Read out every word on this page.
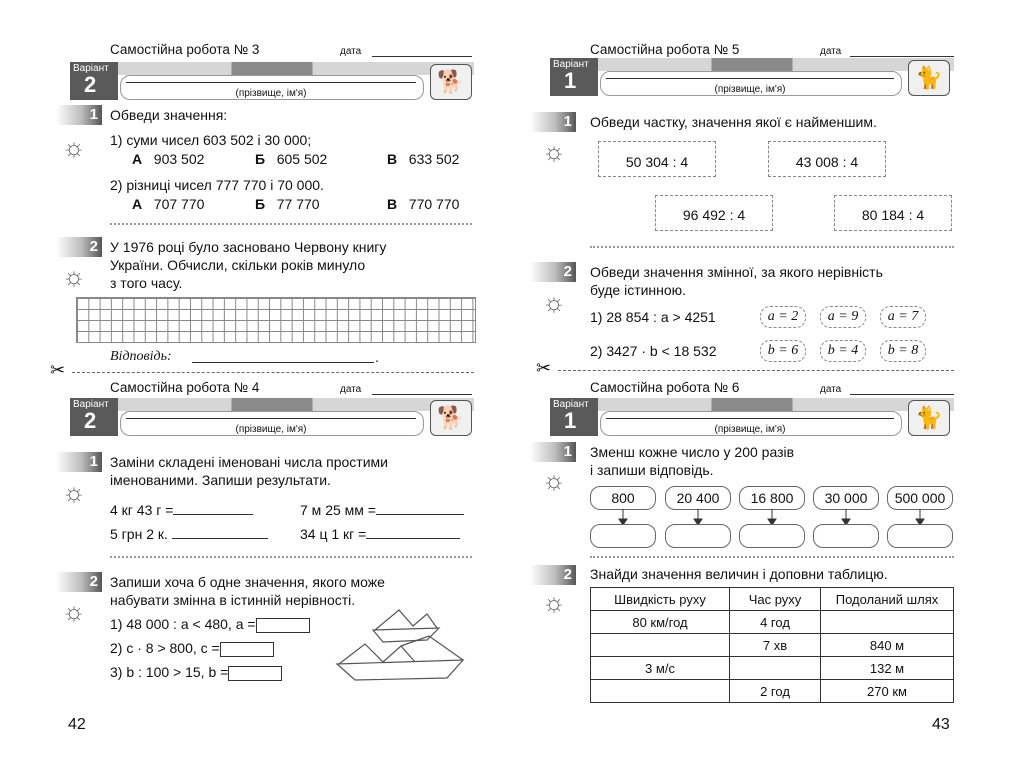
Самостійна робота № 3	дата
Варіант
2	(прізвище, ім'я)	🐕
1
☼
Обведи значення:
1) суми чисел 603 502 і 30 000;
А 903 502	Б 605 502	В 633 502
2) різниці чисел 777 770 і 70 000.
А 707 770	Б 77 770	В 770 770
2
☼
У 1976 році було засновано Червону книгу
України. Обчисли, скільки років минуло
з того часу.
Відповідь:	.
✂
Самостійна робота № 4	дата
Варіант
2	(прізвище, ім'я)	🐕
1
☼
Заміни складені іменовані числа простими
іменованими. Запиши результати.
4 кг 43 г =	7 м 25 мм =
5 грн 2 к.	34 ц 1 кг =
2
☼
Запиши хоча б одне значення, якого може
набувати змінна в істинній нерівності.
1) 48 000 : a < 480, a =
2) c · 8 > 800, c =
3) b : 100 > 15, b =
42
Самостійна робота № 5	дата
Варіант
1	(прізвище, ім'я)	🐈
1
☼
Обведи частку, значення якої є найменшим.
50 304 : 4	43 008 : 4
96 492 : 4	80 184 : 4
2
☼
Обведи значення змінної, за якого нерівність
буде істинною.
1) 28 854 : a > 4251	a = 2	a = 9	a = 7
2) 3427 · b < 18 532	b = 6	b = 4	b = 8
✂
Самостійна робота № 6	дата
Варіант
1	(прізвище, ім'я)	🐈
1
☼
Зменш кожне число у 200 разів
і запиши відповідь.
800	20 400	16 800	30 000	500 000
2
☼
Знайди значення величин і доповни таблицю.
Швидкість руху	Час руху	Подоланий шлях
80 км/год	4 год	
	7 хв	840 м
3 м/с		132 м
	2 год	270 км
43
